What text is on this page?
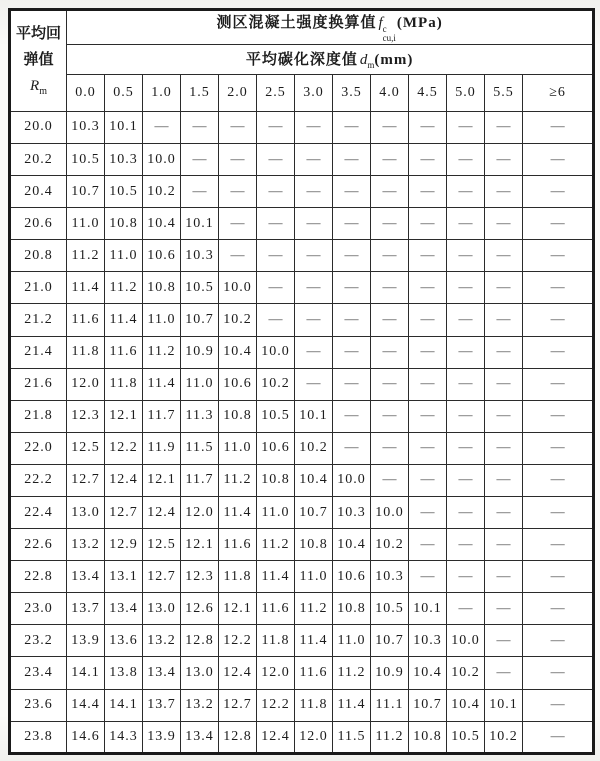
平均回
弹值
$R_m$
	测区混凝土强度换算值 f c
cu,i
(MPa)
	平均碳化深度值 $d_m(mm)$												
	0.0	0.5	1.0	1.5	2.0	2.5	3.0	3.5	4.0	4.5	5.0	5.5	≥6
20.0	10.3	10.1	—	—	—	—	—	—	—	—	—	—	—
20.2	10.5	10.3	10.0	—	—	—	—	—	—	—	—	—	—
20.4	10.7	10.5	10.2	—	—	—	—	—	—	—	—	—	—
20.6	11.0	10.8	10.4	10.1	—	—	—	—	—	—	—	—	—
20.8	11.2	11.0	10.6	10.3	—	—	—	—	—	—	—	—	—
21.0	11.4	11.2	10.8	10.5	10.0	—	—	—	—	—	—	—	—
21.2	11.6	11.4	11.0	10.7	10.2	—	—	—	—	—	—	—	—
21.4	11.8	11.6	11.2	10.9	10.4	10.0	—	—	—	—	—	—	—
21.6	12.0	11.8	11.4	11.0	10.6	10.2	—	—	—	—	—	—	—
21.8	12.3	12.1	11.7	11.3	10.8	10.5	10.1	—	—	—	—	—	—
22.0	12.5	12.2	11.9	11.5	11.0	10.6	10.2	—	—	—	—	—	—
22.2	12.7	12.4	12.1	11.7	11.2	10.8	10.4	10.0	—	—	—	—	—
22.4	13.0	12.7	12.4	12.0	11.4	11.0	10.7	10.3	10.0	—	—	—	—
22.6	13.2	12.9	12.5	12.1	11.6	11.2	10.8	10.4	10.2	—	—	—	—
22.8	13.4	13.1	12.7	12.3	11.8	11.4	11.0	10.6	10.3	—	—	—	—
23.0	13.7	13.4	13.0	12.6	12.1	11.6	11.2	10.8	10.5	10.1	—	—	—
23.2	13.9	13.6	13.2	12.8	12.2	11.8	11.4	11.0	10.7	10.3	10.0	—	—
23.4	14.1	13.8	13.4	13.0	12.4	12.0	11.6	11.2	10.9	10.4	10.2	—	—
23.6	14.4	14.1	13.7	13.2	12.7	12.2	11.8	11.4	11.1	10.7	10.4	10.1	—
23.8	14.6	14.3	13.9	13.4	12.8	12.4	12.0	11.5	11.2	10.8	10.5	10.2	—
